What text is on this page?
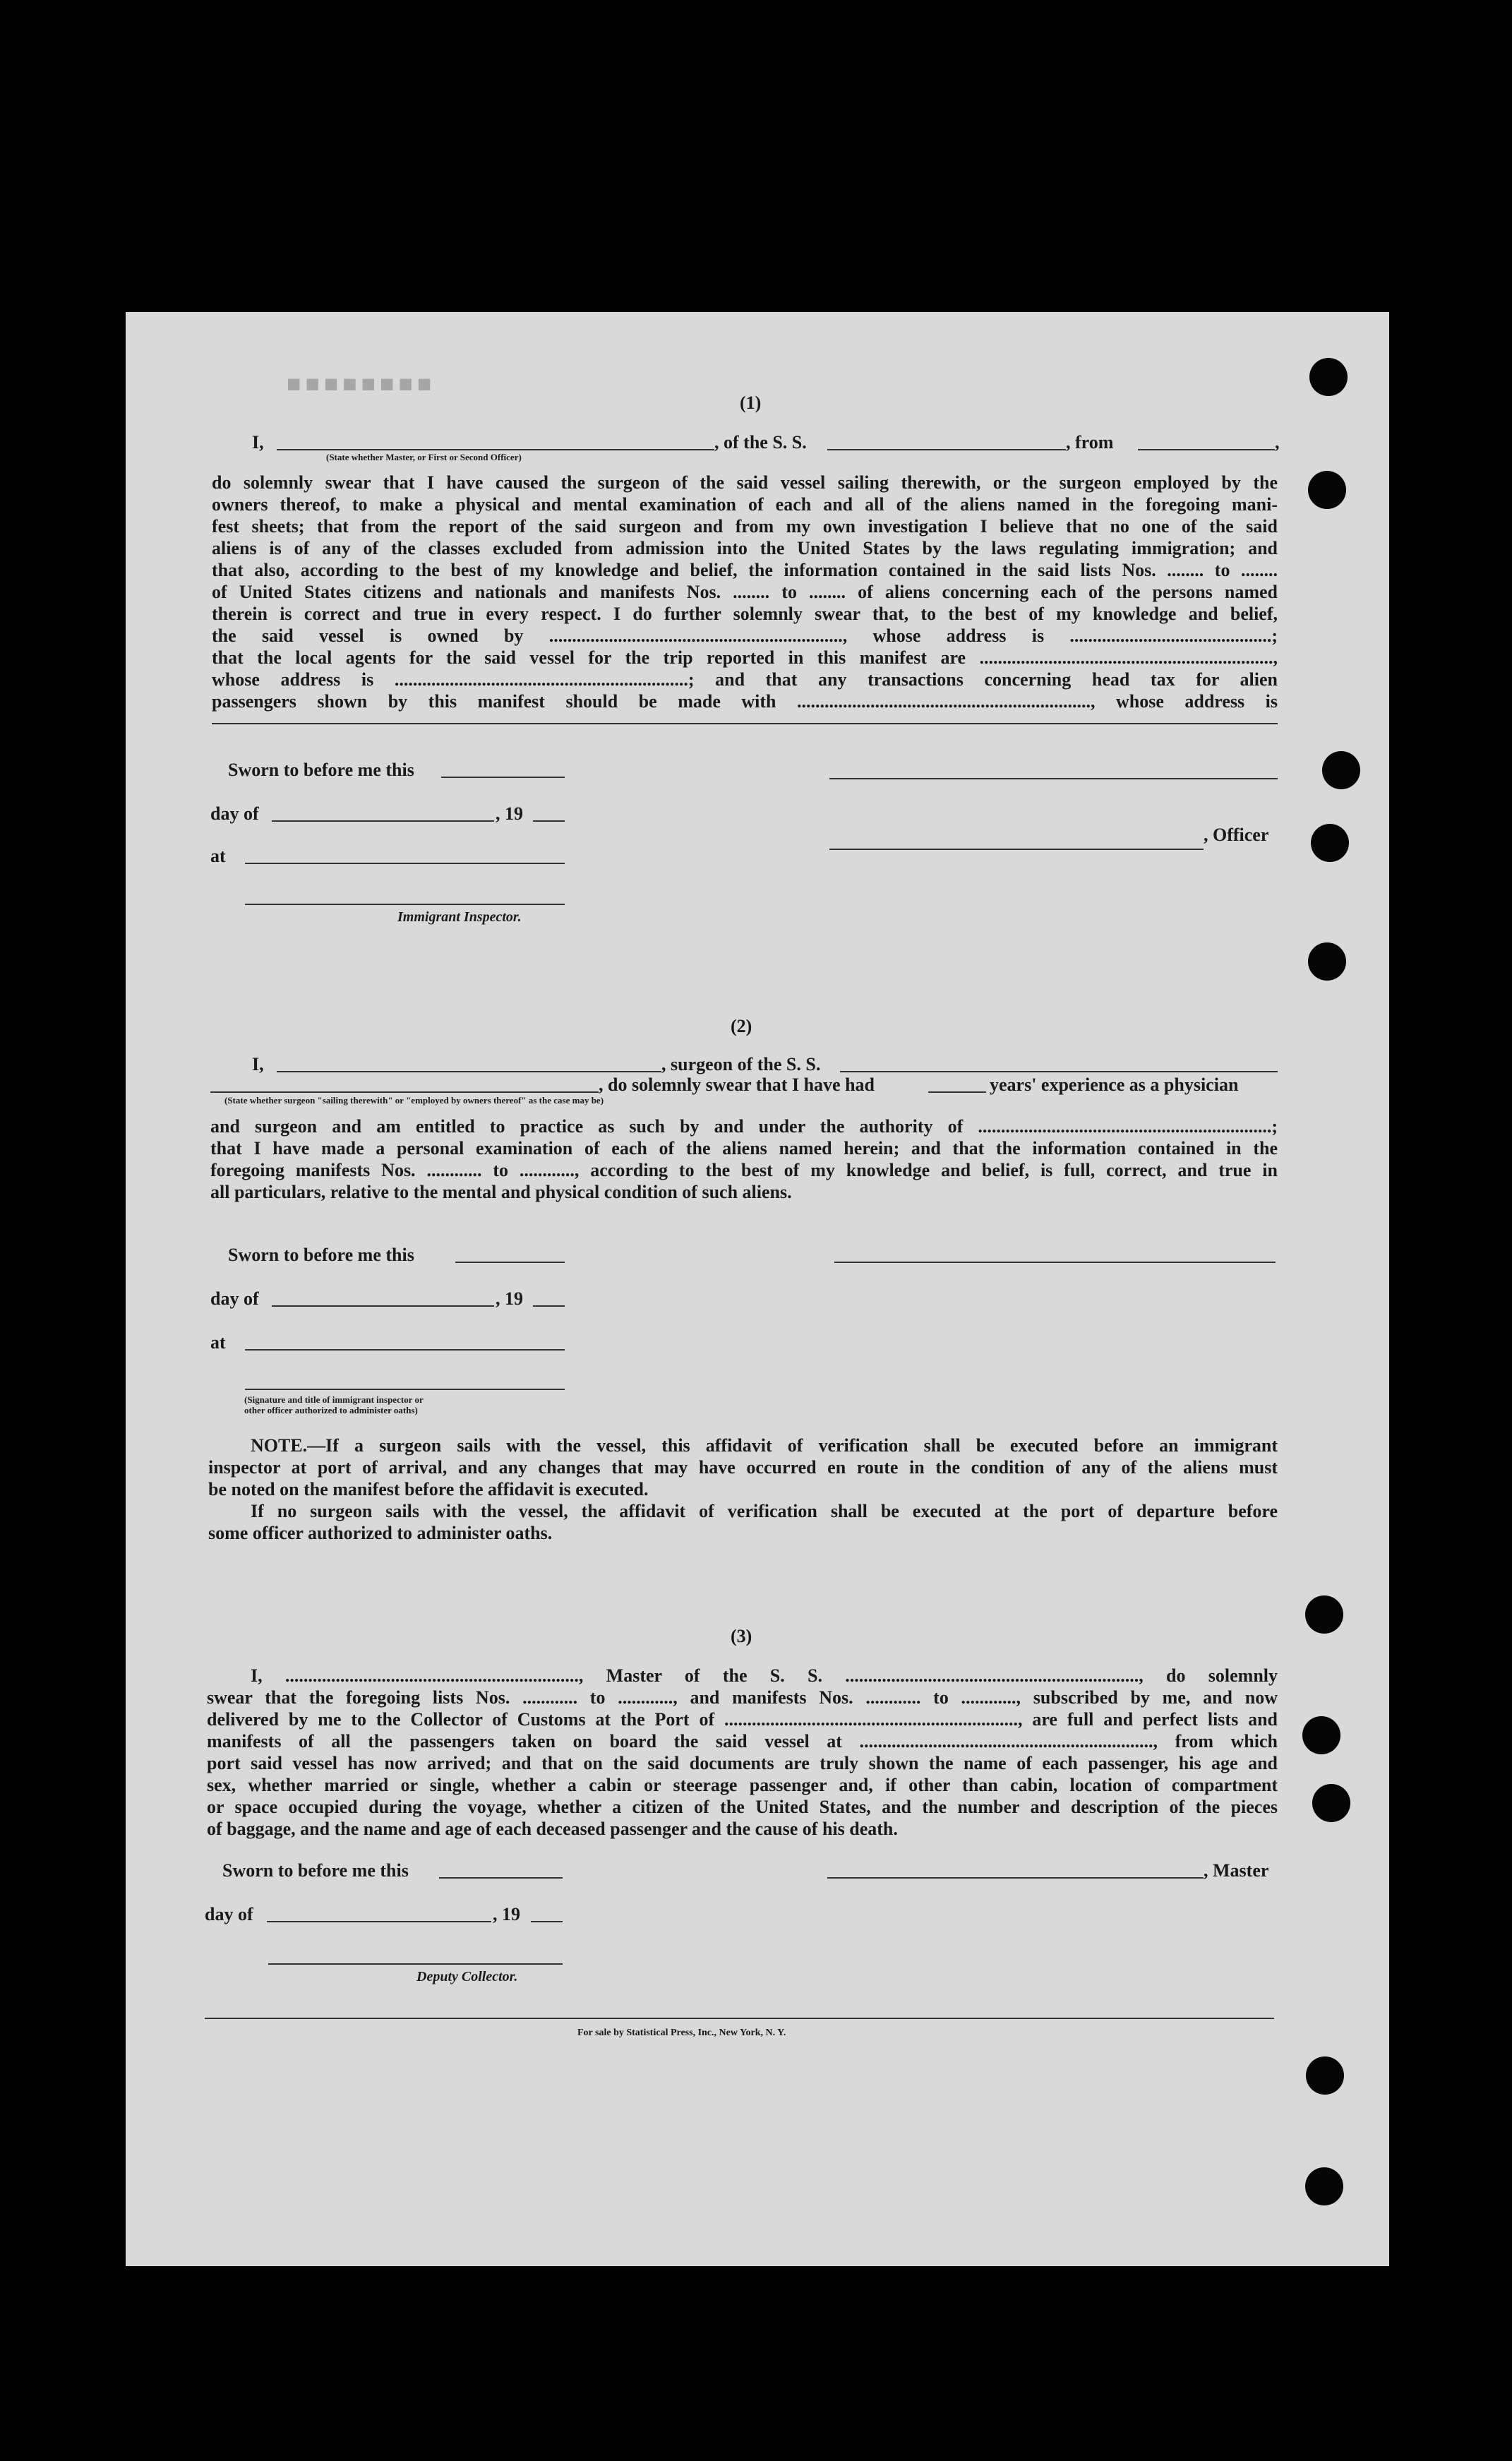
■■■■■■■■
(1)
I,	, of the S. S.	, from	,
(State whether Master, or First or Second Officer)
do solemnly swear that I have caused the surgeon of the said vessel sailing therewith, or the surgeon employed by the
owners thereof, to make a physical and mental examination of each and all of the aliens named in the foregoing mani-
fest sheets; that from the report of the said surgeon and from my own investigation I believe that no one of the said
aliens is of any of the classes excluded from admission into the United States by the laws regulating immigration; and
that also, according to the best of my knowledge and belief, the information contained in the said lists Nos. ........ to ........
of United States citizens and nationals and manifests Nos. ........ to ........ of aliens concerning each of the persons named
therein is correct and true in every respect. I do further solemnly swear that, to the best of my knowledge and belief,
the said vessel is owned by ................................................................, whose address is ............................................;
that the local agents for the said vessel for the trip reported in this manifest are ................................................................,
whose address is ................................................................; and that any transactions concerning head tax for alien
passengers shown by this manifest should be made with ................................................................, whose address is
Sworn to before me this
day of	, 19
at
Immigrant Inspector.
, Officer
(2)
I,	, surgeon of the S. S.
, do solemnly swear that I have had	years' experience as a physician
(State whether surgeon "sailing therewith" or "employed by owners thereof" as the case may be)
and surgeon and am entitled to practice as such by and under the authority of ................................................................;
that I have made a personal examination of each of the aliens named herein; and that the information contained in the
foregoing manifests Nos. ............ to ............, according to the best of my knowledge and belief, is full, correct, and true in
all particulars, relative to the mental and physical condition of such aliens.
Sworn to before me this
day of	, 19
at
(Signature and title of immigrant inspector or
other officer authorized to administer oaths)
NOTE.—If a surgeon sails with the vessel, this affidavit of verification shall be executed before an immigrant
inspector at port of arrival, and any changes that may have occurred en route in the condition of any of the aliens must
be noted on the manifest before the affidavit is executed.
If no surgeon sails with the vessel, the affidavit of verification shall be executed at the port of departure before
some officer authorized to administer oaths.
(3)
I, ................................................................, Master of the S. S. ................................................................, do solemnly
swear that the foregoing lists Nos. ............ to ............, and manifests Nos. ............ to ............, subscribed by me, and now
delivered by me to the Collector of Customs at the Port of ................................................................, are full and perfect lists and
manifests of all the passengers taken on board the said vessel at ................................................................, from which
port said vessel has now arrived; and that on the said documents are truly shown the name of each passenger, his age and
sex, whether married or single, whether a cabin or steerage passenger and, if other than cabin, location of compartment
or space occupied during the voyage, whether a citizen of the United States, and the number and description of the pieces
of baggage, and the name and age of each deceased passenger and the cause of his death.
Sworn to before me this	, Master
day of	, 19
Deputy Collector.
For sale by Statistical Press, Inc., New York, N. Y.
